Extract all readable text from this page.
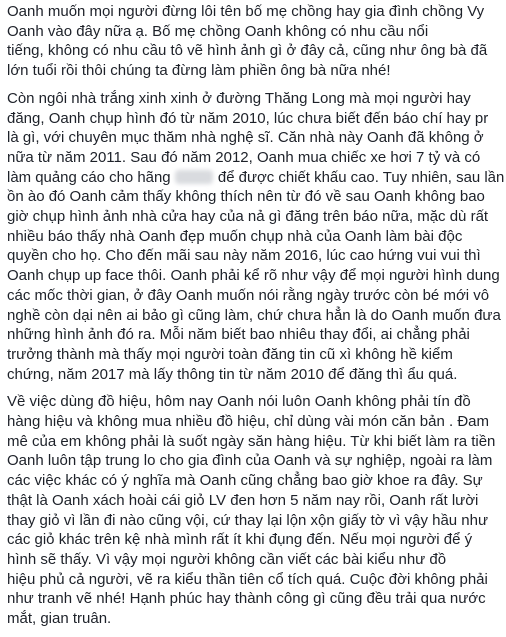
Oanh muốn mọi người đừng lôi tên bố mẹ chồng hay gia đình chồng Vy
Oanh vào đây nữa ạ. Bố mẹ chồng Oanh không có nhu cầu nổi
tiếng, không có nhu cầu tô vẽ hình ảnh gì ở đây cả, cũng như ông bà đã
lớn tuổi rồi thôi chúng ta đừng làm phiền ông bà nữa nhé!

Còn ngôi nhà trắng xinh xinh ở đường Thăng Long mà mọi người hay
đăng, Oanh chụp hình đó từ năm 2010, lúc chưa biết đến báo chí hay pr
là gì, với chuyên mục thăm nhà nghệ sĩ. Căn nhà này Oanh đã không ở
nữa từ năm 2011. Sau đó năm 2012, Oanh mua chiếc xe hơi 7 tỷ và có
làm quảng cáo cho hãng	để được chiết khấu cao. Tuy nhiên, sau lần
ồn ào đó Oanh cảm thấy không thích nên từ đó về sau Oanh không bao
giờ chụp hình ảnh nhà cửa hay của nả gì đăng trên báo nữa, mặc dù rất
nhiều báo thấy nhà Oanh đẹp muốn chụp nhà của Oanh làm bài độc
quyền cho họ. Cho đến mãi sau này năm 2016, lúc cao hứng vui vui thì
Oanh chụp up face thôi. Oanh phải kể rõ như vậy để mọi người hình dung
các mốc thời gian, ở đây Oanh muốn nói rằng ngày trước còn bé mới vô
nghề còn dại nên ai bảo gì cũng làm, chứ chưa hẳn là do Oanh muốn đưa
những hình ảnh đó ra. Mỗi năm biết bao nhiêu thay đổi, ai chẳng phải
trưởng thành mà thấy mọi người toàn đăng tin cũ xì không hề kiểm
chứng, năm 2017 mà lấy thông tin từ năm 2010 để đăng thì ẩu quá.

Về việc dùng đồ hiệu, hôm nay Oanh nói luôn Oanh không phải tín đồ
hàng hiệu và không mua nhiều đồ hiệu, chỉ dùng vài món căn bản . Đam
mê của em không phải là suốt ngày săn hàng hiệu. Từ khi biết làm ra tiền
Oanh luôn tập trung lo cho gia đình của Oanh và sự nghiệp, ngoài ra làm
các việc khác có ý nghĩa mà Oanh cũng chẳng bao giờ khoe ra đây. Sự
thật là Oanh xách hoài cái giỏ LV đen hơn 5 năm nay rồi, Oanh rất lười
thay giỏ vì lần đi nào cũng vội, cứ thay lại lộn xộn giấy tờ vì vậy hầu như
các giỏ khác trên kệ nhà mình rất ít khi đụng đến. Nếu mọi người để ý
hình sẽ thấy. Vì vậy mọi người không cần viết các bài kiểu như đồ
hiệu phủ cả người, vẽ ra kiểu thần tiên cổ tích quá. Cuộc đời không phải
như tranh vẽ nhé! Hạnh phúc hay thành công gì cũng đều trải qua nước
mắt, gian truân.
